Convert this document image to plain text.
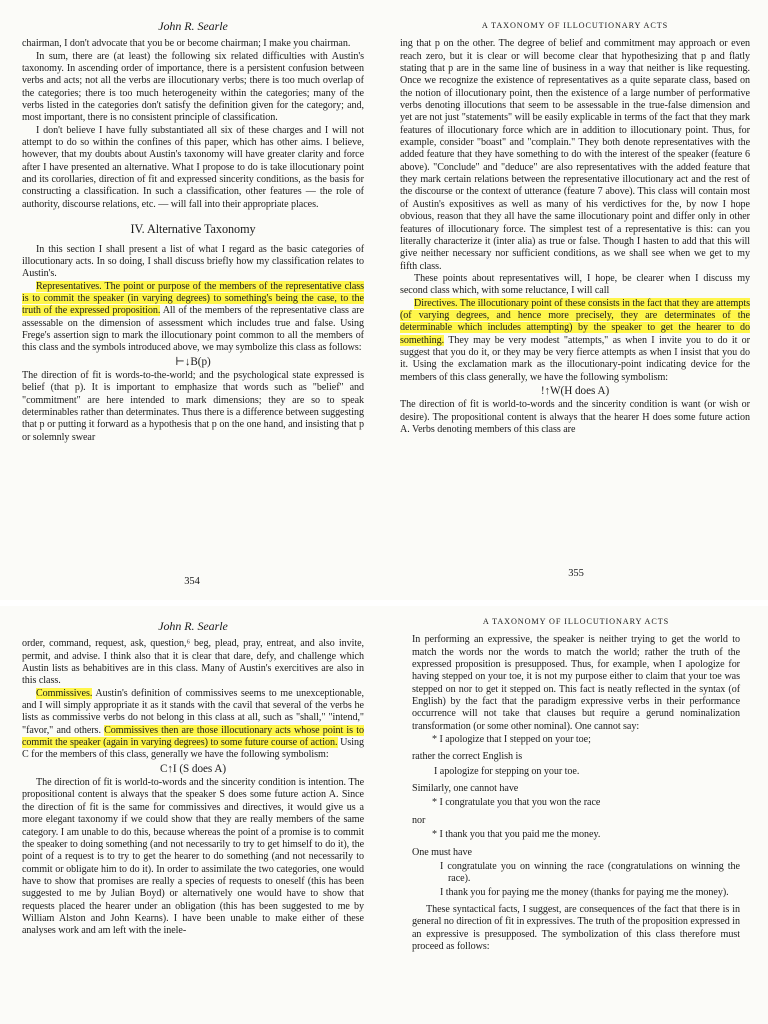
John R. Searle

chairman, I don't advocate that you be or become chairman; I make you chairman.

In sum, there are (at least) the following six related difficulties with Austin's taxonomy. In ascending order of importance, there is a persistent confusion between verbs and acts; not all the verbs are illocutionary verbs; there is too much overlap of the categories; there is too much heterogeneity within the categories; many of the verbs listed in the categories don't satisfy the definition given for the category; and, most important, there is no consistent principle of classification.

I don't believe I have fully substantiated all six of these charges and I will not attempt to do so within the confines of this paper, which has other aims. I believe, however, that my doubts about Austin's taxonomy will have greater clarity and force after I have presented an alternative. What I propose to do is take illocutionary point and its corollaries, direction of fit and expressed sincerity conditions, as the basis for constructing a classification. In such a classification, other features — the role of authority, discourse relations, etc. — will fall into their appropriate places.

IV. Alternative Taxonomy

In this section I shall present a list of what I regard as the basic categories of illocutionary acts. In so doing, I shall discuss briefly how my classification relates to Austin's.

Representatives. The point or purpose of the members of the representative class is to commit the speaker (in varying degrees) to something's being the case, to the truth of the expressed proposition. All of the members of the representative class are assessable on the dimension of assessment which includes true and false. Using Frege's assertion sign to mark the illocutionary point common to all the members of this class and the symbols introduced above, we may symbolize this class as follows:

⊢↓B(p)

The direction of fit is words-to-the-world; and the psychological state expressed is belief (that p). It is important to emphasize that words such as "belief" and "commitment" are here intended to mark dimensions; they are so to speak determinables rather than determinates. Thus there is a difference between suggesting that p or putting it forward as a hypothesis that p on the one hand, and insisting that p or solemnly swear

354
A TAXONOMY OF ILLOCUTIONARY ACTS

ing that p on the other. The degree of belief and commitment may approach or even reach zero, but it is clear or will become clear that hypothesizing that p and flatly stating that p are in the same line of business in a way that neither is like requesting. Once we recognize the existence of representatives as a quite separate class, based on the notion of illocutionary point, then the existence of a large number of performative verbs denoting illocutions that seem to be assessable in the true-false dimension and yet are not just "statements" will be easily explicable in terms of the fact that they mark features of illocutionary force which are in addition to illocutionary point. Thus, for example, consider "boast" and "complain." They both denote representatives with the added feature that they have something to do with the interest of the speaker (feature 6 above). "Conclude" and "deduce" are also representatives with the added feature that they mark certain relations between the representative illocutionary act and the rest of the discourse or the context of utterance (feature 7 above). This class will contain most of Austin's expositives as well as many of his verdictives for the, by now I hope obvious, reason that they all have the same illocutionary point and differ only in other features of illocutionary force. The simplest test of a representative is this: can you literally characterize it (inter alia) as true or false. Though I hasten to add that this will give neither necessary nor sufficient conditions, as we shall see when we get to my fifth class.

These points about representatives will, I hope, be clearer when I discuss my second class which, with some reluctance, I will call

Directives. The illocutionary point of these consists in the fact that they are attempts (of varying degrees, and hence more precisely, they are determinates of the determinable which includes attempting) by the speaker to get the hearer to do something. They may be very modest "attempts," as when I invite you to do it or suggest that you do it, or they may be very fierce attempts as when I insist that you do it. Using the exclamation mark as the illocutionary-point indicating device for the members of this class generally, we have the following symbolism:

!↑W(H does A)

The direction of fit is world-to-words and the sincerity condition is want (or wish or desire). The propositional content is always that the hearer H does some future action A. Verbs denoting members of this class are

355
John R. Searle

order, command, request, ask, question,⁶ beg, plead, pray, entreat, and also invite, permit, and advise. I think also that it is clear that dare, defy, and challenge which Austin lists as behabitives are in this class. Many of Austin's exercitives are also in this class.

Commissives. Austin's definition of commissives seems to me unexceptionable, and I will simply appropriate it as it stands with the cavil that several of the verbs he lists as commissive verbs do not belong in this class at all, such as "shall," "intend," "favor," and others. Commissives then are those illocutionary acts whose point is to commit the speaker (again in varying degrees) to some future course of action. Using C for the members of this class, generally we have the following symbolism:

C↑I (S does A)

The direction of fit is world-to-words and the sincerity condition is intention. The propositional content is always that the speaker S does some future action A. Since the direction of fit is the same for commissives and directives, it would give us a more elegant taxonomy if we could show that they are really members of the same category. I am unable to do this, because whereas the point of a promise is to commit the speaker to doing something (and not necessarily to try to get himself to do it), the point of a request is to try to get the hearer to do something (and not necessarily to commit or obligate him to do it). In order to assimilate the two categories, one would have to show that promises are really a species of requests to oneself (this has been suggested to me by Julian Boyd) or alternatively one would have to show that requests placed the hearer under an obligation (this has been suggested to me by William Alston and John Kearns). I have been unable to make either of these analyses work and am left with the inele-

A TAXONOMY OF ILLOCUTIONARY ACTS

In performing an expressive, the speaker is neither trying to get the world to match the words nor the words to match the world; rather the truth of the expressed proposition is presupposed. Thus, for example, when I apologize for having stepped on your toe, it is not my purpose either to claim that your toe was stepped on nor to get it stepped on. This fact is neatly reflected in the syntax (of English) by the fact that the paradigm expressive verbs in their performance occurrence will not take that clauses but require a gerund nominalization transformation (or some other nominal). One cannot say:

* I apologize that I stepped on your toe;
rather the correct English is
I apologize for stepping on your toe.
Similarly, one cannot have
* I congratulate you that you won the race
nor
* I thank you that you paid me the money.
One must have
I congratulate you on winning the race (congratulations on winning the race).
I thank you for paying me the money (thanks for paying me the money).

These syntactical facts, I suggest, are consequences of the fact that there is in general no direction of fit in expressives. The truth of the proposition expressed in an expressive is presupposed. The symbolization of this class therefore must proceed as follows:
